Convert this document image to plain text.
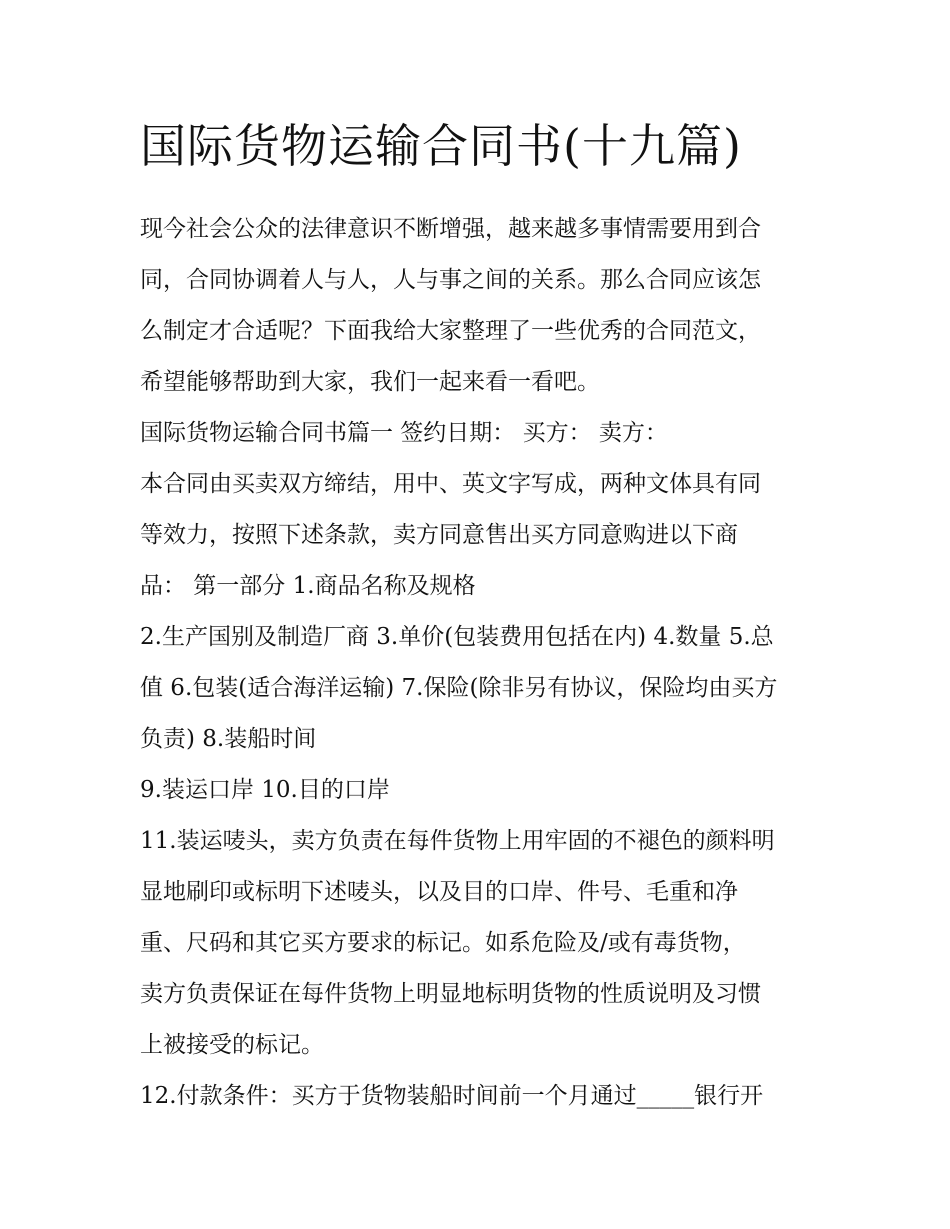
国际货物运输合同书(十九篇)
现今社会公众的法律意识不断增强，越来越多事情需要用到合
同，合同协调着人与人，人与事之间的关系。那么合同应该怎
么制定才合适呢？下面我给大家整理了一些优秀的合同范文，
希望能够帮助到大家，我们一起来看一看吧。
国际货物运输合同书篇一 签约日期： 买方： 卖方：
本合同由买卖双方缔结，用中、英文字写成，两种文体具有同
等效力，按照下述条款，卖方同意售出买方同意购进以下商
品： 第一部分 1.商品名称及规格
2.生产国别及制造厂商 3.单价(包装费用包括在内) 4.数量 5.总
值 6.包装(适合海洋运输) 7.保险(除非另有协议，保险均由买方
负责) 8.装船时间
9.装运口岸 10.目的口岸
11.装运唛头，卖方负责在每件货物上用牢固的不褪色的颜料明
显地刷印或标明下述唛头，以及目的口岸、件号、毛重和净
重、尺码和其它买方要求的标记。如系危险及/或有毒货物，
卖方负责保证在每件货物上明显地标明货物的性质说明及习惯
上被接受的标记。
12.付款条件：买方于货物装船时间前一个月通过_____银行开
